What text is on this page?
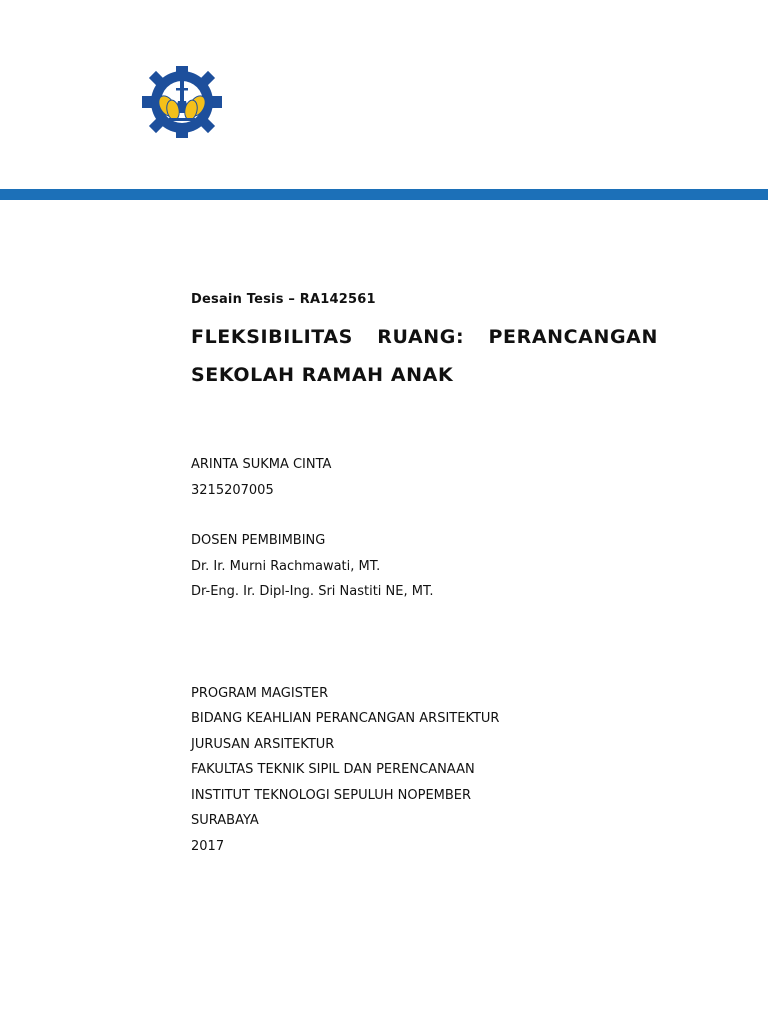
Desain Tesis – RA142561

FLEKSIBILITAS RUANG: PERANCANGAN
SEKOLAH RAMAH ANAK
ARINTA SUKMA CINTA
3215207005
DOSEN PEMBIMBING
Dr. Ir. Murni Rachmawati, MT.
Dr-Eng. Ir. Dipl-Ing. Sri Nastiti NE, MT.
PROGRAM MAGISTER
BIDANG KEAHLIAN PERANCANGAN ARSITEKTUR
JURUSAN ARSITEKTUR
FAKULTAS TEKNIK SIPIL DAN PERENCANAAN
INSTITUT TEKNOLOGI SEPULUH NOPEMBER
SURABAYA
2017
